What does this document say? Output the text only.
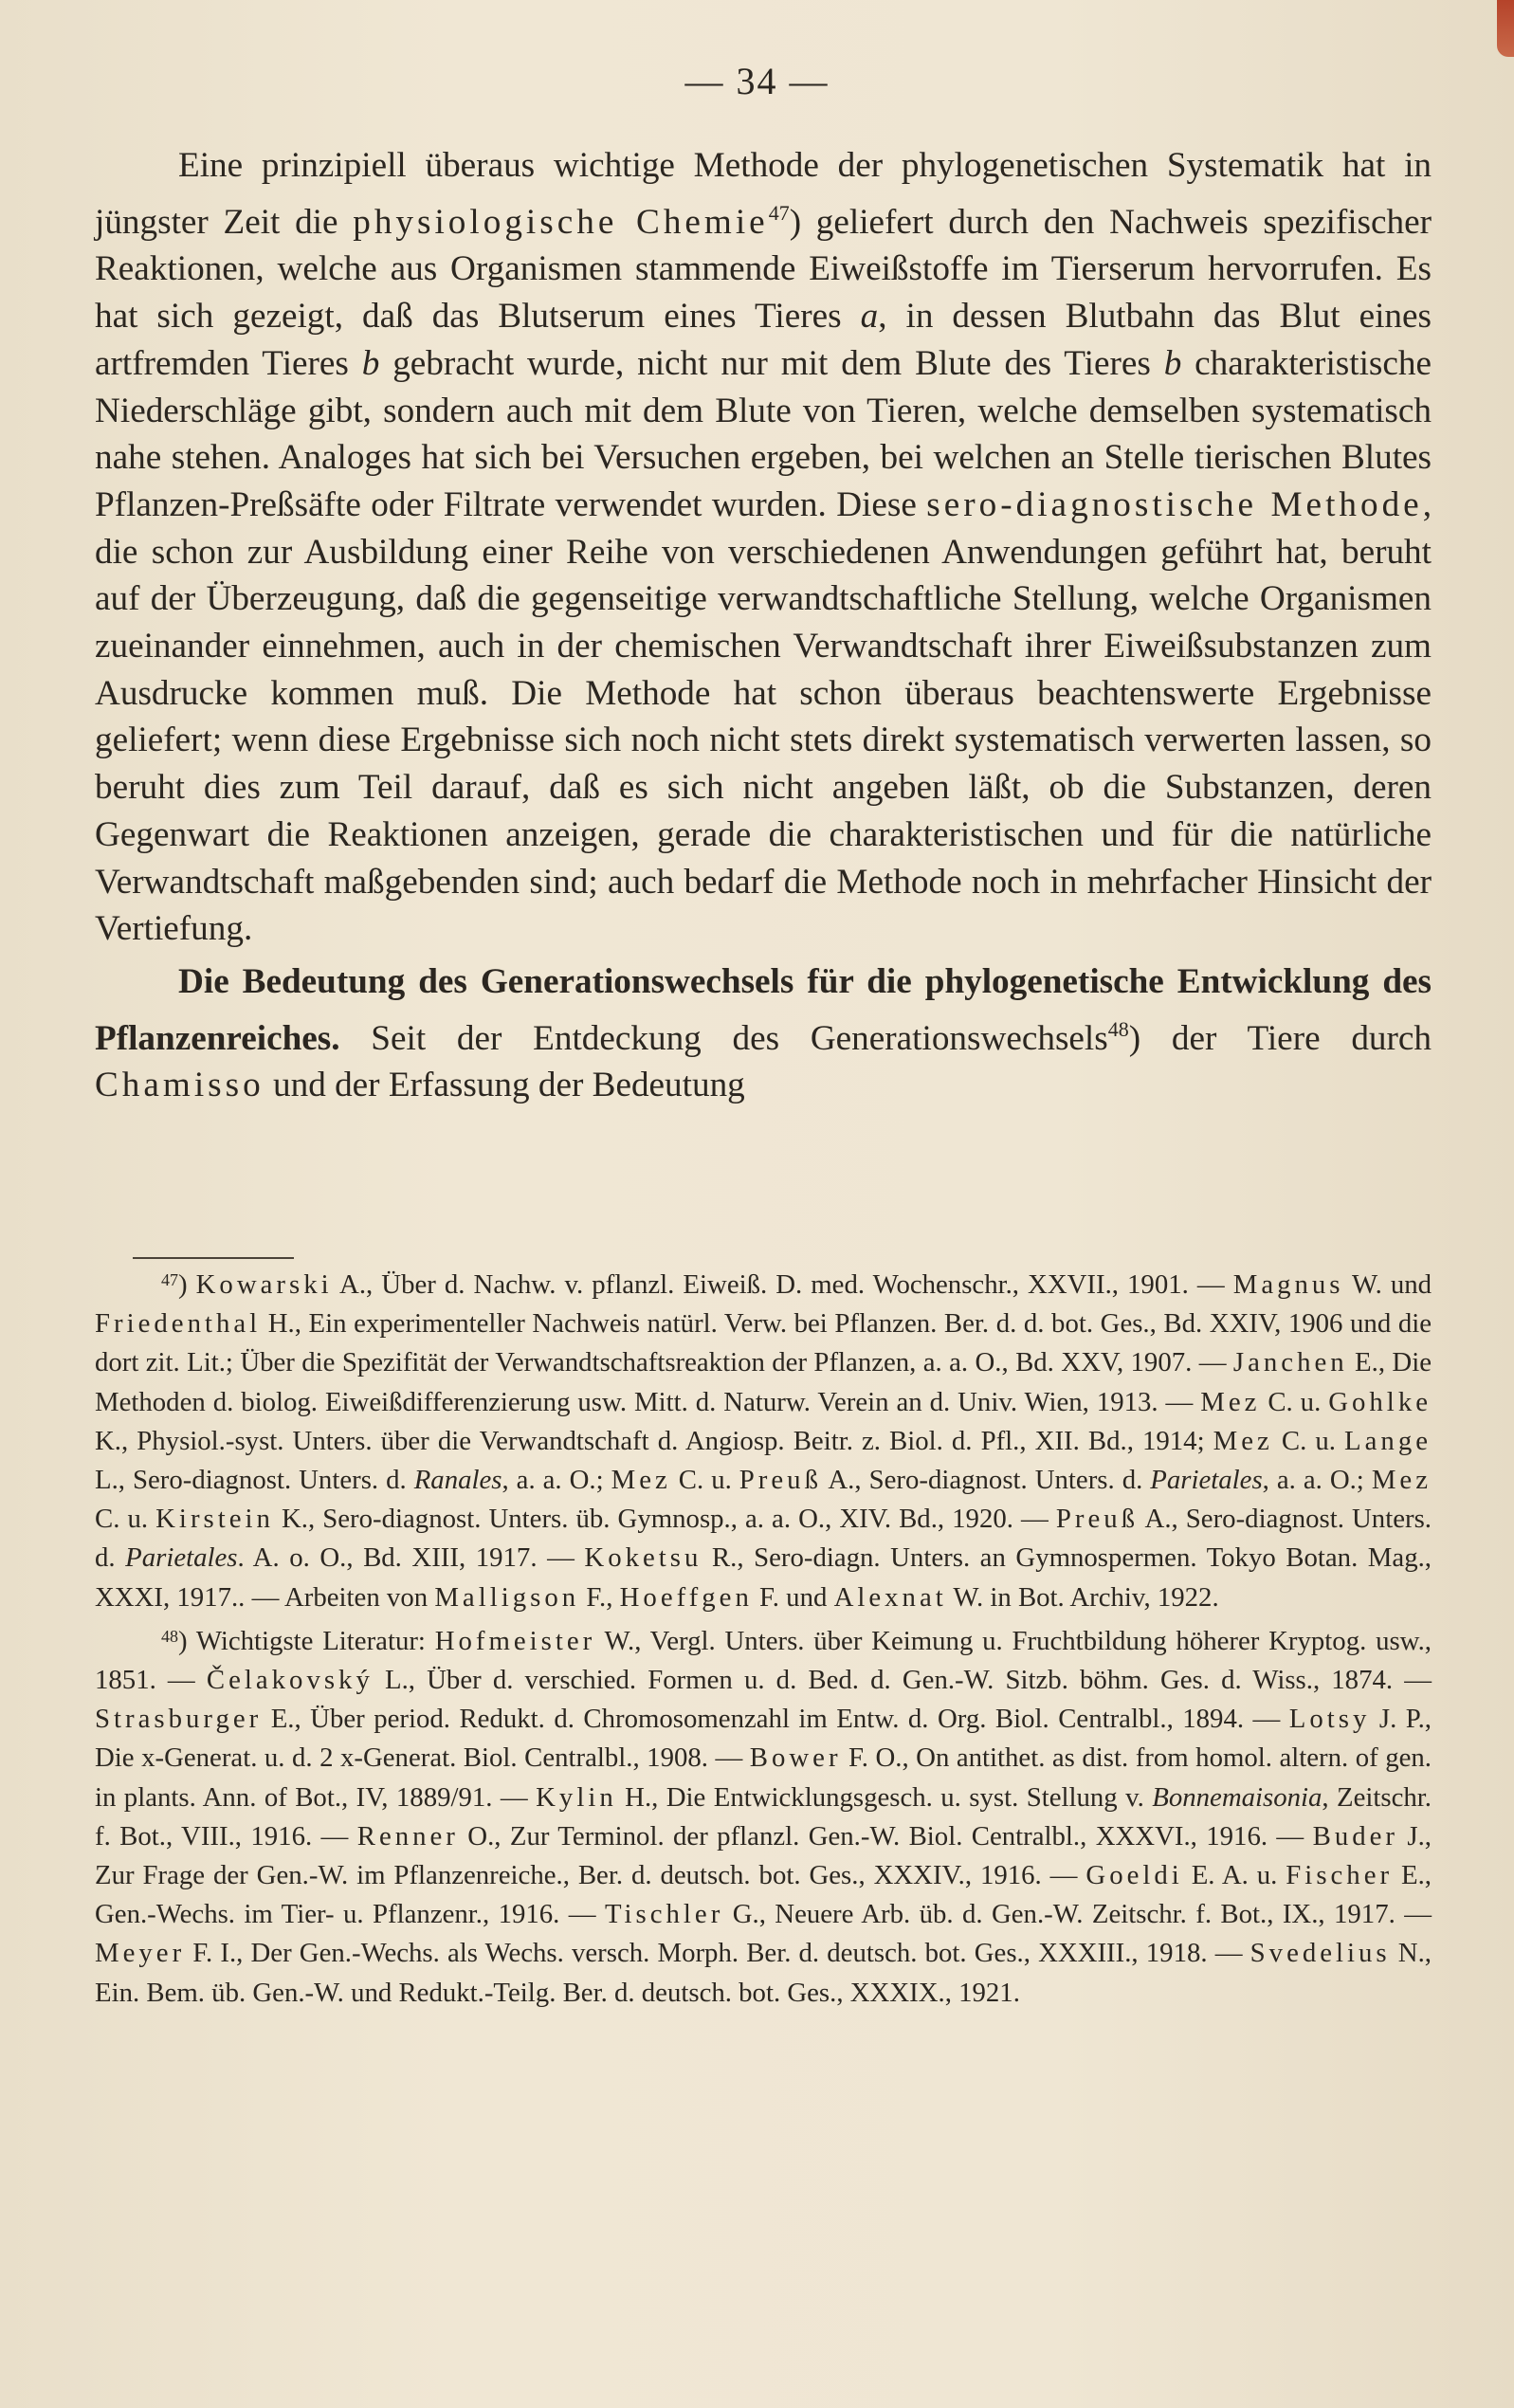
— 34 —

Eine prinzipiell überaus wichtige Methode der phylogenetischen Systematik hat in jüngster Zeit die physiologische Chemie$^{47}$) geliefert durch den Nachweis spezifischer Reaktionen, welche aus Organismen stammende Eiweißstoffe im Tierserum hervorrufen. Es hat sich gezeigt, daß das Blutserum eines Tieres a, in dessen Blutbahn das Blut eines artfremden Tieres b gebracht wurde, nicht nur mit dem Blute des Tieres b charakteristische Niederschläge gibt, sondern auch mit dem Blute von Tieren, welche demselben systematisch nahe stehen. Analoges hat sich bei Versuchen ergeben, bei welchen an Stelle tierischen Blutes Pflanzen-Preßsäfte oder Filtrate verwendet wurden. Diese sero-diagnostische Methode, die schon zur Ausbildung einer Reihe von verschiedenen Anwendungen geführt hat, beruht auf der Überzeugung, daß die gegenseitige verwandtschaftliche Stellung, welche Organismen zueinander einnehmen, auch in der chemischen Verwandtschaft ihrer Eiweißsubstanzen zum Ausdrucke kommen muß. Die Methode hat schon überaus beachtenswerte Ergebnisse geliefert; wenn diese Ergebnisse sich noch nicht stets direkt systematisch verwerten lassen, so beruht dies zum Teil darauf, daß es sich nicht angeben läßt, ob die Substanzen, deren Gegenwart die Reaktionen anzeigen, gerade die charakteristischen und für die natürliche Verwandtschaft maßgebenden sind; auch bedarf die Methode noch in mehrfacher Hinsicht der Vertiefung.

Die Bedeutung des Generationswechsels für die phylogenetische Entwicklung des Pflanzenreiches. Seit der Entdeckung des Generationswechsels$^{48}$) der Tiere durch Chamisso und der Erfassung der Bedeutung

$^{47}$) Kowarski A., Über d. Nachw. v. pflanzl. Eiweiß. D. med. Wochenschr., XXVII., 1901. — Magnus W. und Friedenthal H., Ein experimenteller Nachweis natürl. Verw. bei Pflanzen. Ber. d. d. bot. Ges., Bd. XXIV, 1906 und die dort zit. Lit.; Über die Spezifität der Verwandtschaftsreaktion der Pflanzen, a. a. O., Bd. XXV, 1907. — Janchen E., Die Methoden d. biolog. Eiweißdifferenzierung usw. Mitt. d. Naturw. Verein an d. Univ. Wien, 1913. — Mez C. u. Gohlke K., Physiol.-syst. Unters. über die Verwandtschaft d. Angiosp. Beitr. z. Biol. d. Pfl., XII. Bd., 1914; Mez C. u. Lange L., Sero-diagnost. Unters. d. Ranales, a. a. O.; Mez C. u. Preuß A., Sero-diagnost. Unters. d. Parietales, a. a. O.; Mez C. u. Kirstein K., Sero-diagnost. Unters. üb. Gymnosp., a. a. O., XIV. Bd., 1920. — Preuß A., Sero-diagnost. Unters. d. Parietales. A. o. O., Bd. XIII, 1917. — Koketsu R., Sero-diagn. Unters. an Gymnospermen. Tokyo Botan. Mag., XXXI, 1917.. — Arbeiten von Malligson F., Hoeffgen F. und Alexnat W. in Bot. Archiv, 1922.

$^{48}$) Wichtigste Literatur: Hofmeister W., Vergl. Unters. über Keimung u. Fruchtbildung höherer Kryptog. usw., 1851. — Čelakovský L., Über d. verschied. Formen u. d. Bed. d. Gen.-W. Sitzb. böhm. Ges. d. Wiss., 1874. — Strasburger E., Über period. Redukt. d. Chromosomenzahl im Entw. d. Org. Biol. Centralbl., 1894. — Lotsy J. P., Die x-Generat. u. d. 2 x-Generat. Biol. Centralbl., 1908. — Bower F. O., On antithet. as dist. from homol. altern. of gen. in plants. Ann. of Bot., IV, 1889/91. — Kylin H., Die Entwicklungsgesch. u. syst. Stellung v. Bonnemaisonia, Zeitschr. f. Bot., VIII., 1916. — Renner O., Zur Terminol. der pflanzl. Gen.-W. Biol. Centralbl., XXXVI., 1916. — Buder J., Zur Frage der Gen.-W. im Pflanzenreiche., Ber. d. deutsch. bot. Ges., XXXIV., 1916. — Goeldi E. A. u. Fischer E., Gen.-Wechs. im Tier- u. Pflanzenr., 1916. — Tischler G., Neuere Arb. üb. d. Gen.-W. Zeitschr. f. Bot., IX., 1917. — Meyer F. I., Der Gen.-Wechs. als Wechs. versch. Morph. Ber. d. deutsch. bot. Ges., XXXIII., 1918. — Svedelius N., Ein. Bem. üb. Gen.-W. und Redukt.-Teilg. Ber. d. deutsch. bot. Ges., XXXIX., 1921.
